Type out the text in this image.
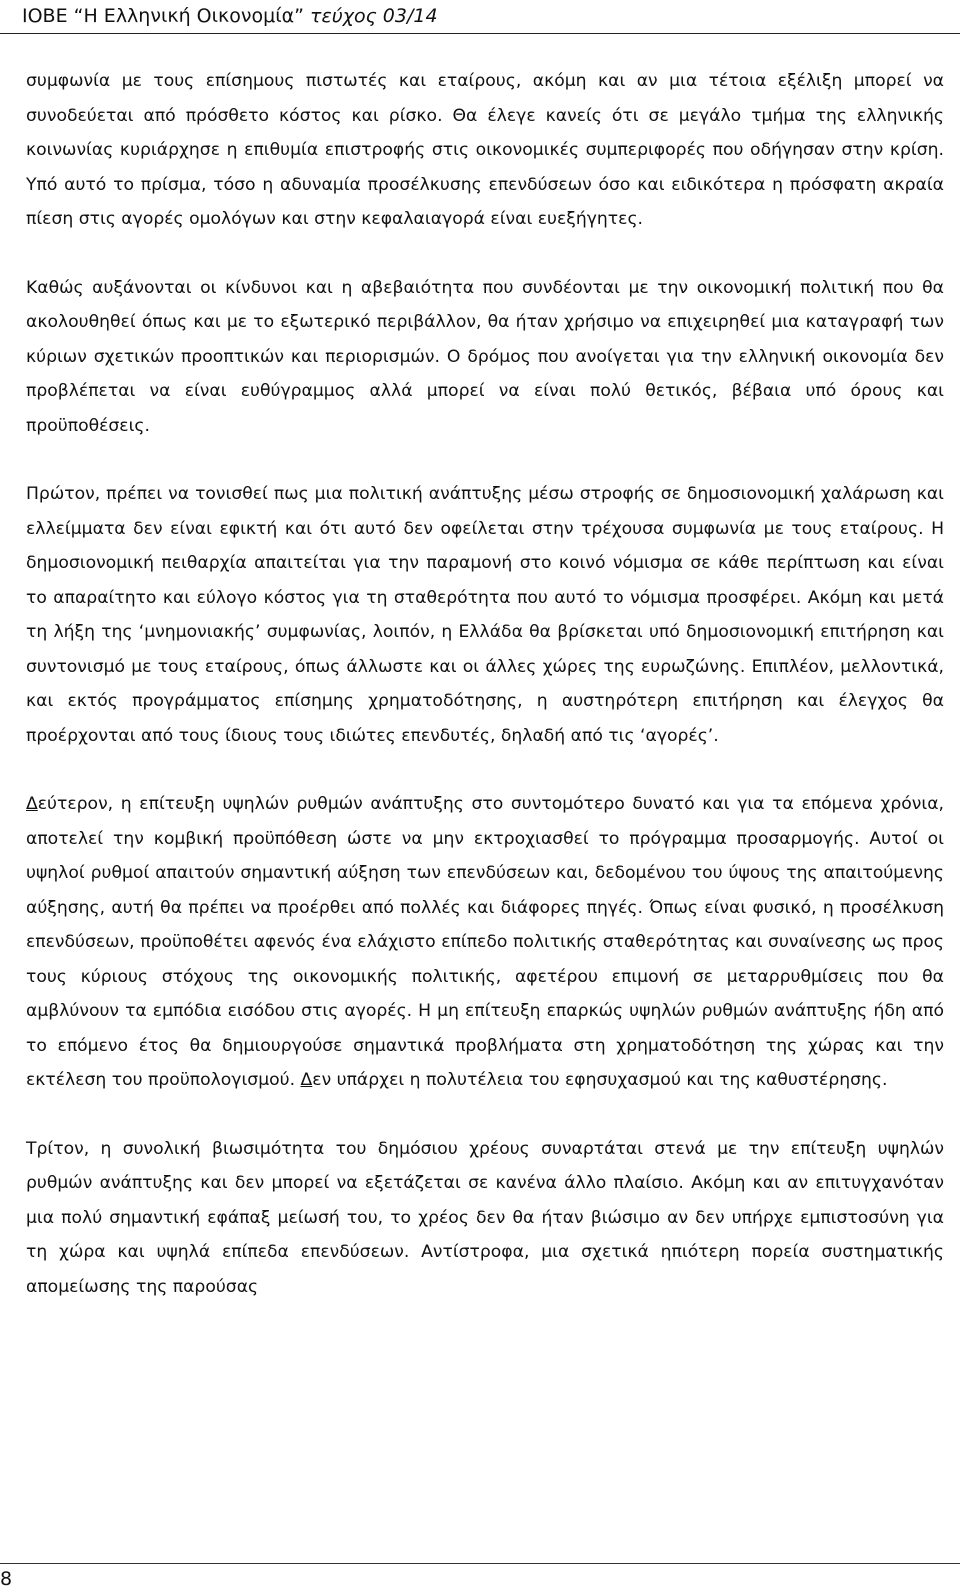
ΙΟΒΕ “Η Ελληνική Οικονομία” τεύχος 03/14

συμφωνία με τους επίσημους πιστωτές και εταίρους, ακόμη και αν μια τέτοια εξέλιξη μπορεί να συνοδεύεται από πρόσθετο κόστος και ρίσκο. Θα έλεγε κανείς ότι σε μεγάλο τμήμα της ελληνικής κοινωνίας κυριάρχησε η επιθυμία επιστροφής στις οικονομικές συμπεριφορές που οδήγησαν στην κρίση. Υπό αυτό το πρίσμα, τόσο η αδυναμία προσέλκυσης επενδύσεων όσο και ειδικότερα η πρόσφατη ακραία πίεση στις αγορές ομολόγων και στην κεφαλαιαγορά είναι ευεξήγητες.

Καθώς αυξάνονται οι κίνδυνοι και η αβεβαιότητα που συνδέονται με την οικονομική πολιτική που θα ακολουθηθεί όπως και με το εξωτερικό περιβάλλον, θα ήταν χρήσιμο να επιχειρηθεί μια καταγραφή των κύριων σχετικών προοπτικών και περιορισμών. Ο δρόμος που ανοίγεται για την ελληνική οικονομία δεν προβλέπεται να είναι ευθύγραμμος αλλά μπορεί να είναι πολύ θετικός, βέβαια υπό όρους και προϋποθέσεις.

Πρώτον, πρέπει να τονισθεί πως μια πολιτική ανάπτυξης μέσω στροφής σε δημοσιονομική χαλάρωση και ελλείμματα δεν είναι εφικτή και ότι αυτό δεν οφείλεται στην τρέχουσα συμφωνία με τους εταίρους. Η δημοσιονομική πειθαρχία απαιτείται για την παραμονή στο κοινό νόμισμα σε κάθε περίπτωση και είναι το απαραίτητο και εύλογο κόστος για τη σταθερότητα που αυτό το νόμισμα προσφέρει. Ακόμη και μετά τη λήξη της ‘μνημονιακής’ συμφωνίας, λοιπόν, η Ελλάδα θα βρίσκεται υπό δημοσιονομική επιτήρηση και συντονισμό με τους εταίρους, όπως άλλωστε και οι άλλες χώρες της ευρωζώνης. Επιπλέον, μελλοντικά, και εκτός προγράμματος επίσημης χρηματοδότησης, η αυστηρότερη επιτήρηση και έλεγχος θα προέρχονται από τους ίδιους τους ιδιώτες επενδυτές, δηλαδή από τις ‘αγορές’.

Δεύτερον, η επίτευξη υψηλών ρυθμών ανάπτυξης στο συντομότερο δυνατό και για τα επόμενα χρόνια, αποτελεί την κομβική προϋπόθεση ώστε να μην εκτροχιασθεί το πρόγραμμα προσαρμογής. Αυτοί οι υψηλοί ρυθμοί απαιτούν σημαντική αύξηση των επενδύσεων και, δεδομένου του ύψους της απαιτούμενης αύξησης, αυτή θα πρέπει να προέρθει από πολλές και διάφορες πηγές. Όπως είναι φυσικό, η προσέλκυση επενδύσεων, προϋποθέτει αφενός ένα ελάχιστο επίπεδο πολιτικής σταθερότητας και συναίνεσης ως προς τους κύριους στόχους της οικονομικής πολιτικής, αφετέρου επιμονή σε μεταρρυθμίσεις που θα αμβλύνουν τα εμπόδια εισόδου στις αγορές. Η μη επίτευξη επαρκώς υψηλών ρυθμών ανάπτυξης ήδη από το επόμενο έτος θα δημιουργούσε σημαντικά προβλήματα στη χρηματοδότηση της χώρας και την εκτέλεση του προϋπολογισμού. Δεν υπάρχει η πολυτέλεια του εφησυχασμού και της καθυστέρησης.

Τρίτον, η συνολική βιωσιμότητα του δημόσιου χρέους συναρτάται στενά με την επίτευξη υψηλών ρυθμών ανάπτυξης και δεν μπορεί να εξετάζεται σε κανένα άλλο πλαίσιο. Ακόμη και αν επιτυγχανόταν μια πολύ σημαντική εφάπαξ μείωσή του, το χρέος δεν θα ήταν βιώσιμο αν δεν υπήρχε εμπιστοσύνη για τη χώρα και υψηλά επίπεδα επενδύσεων. Αντίστροφα, μια σχετικά ηπιότερη πορεία συστηματικής απομείωσης της παρούσας

8
